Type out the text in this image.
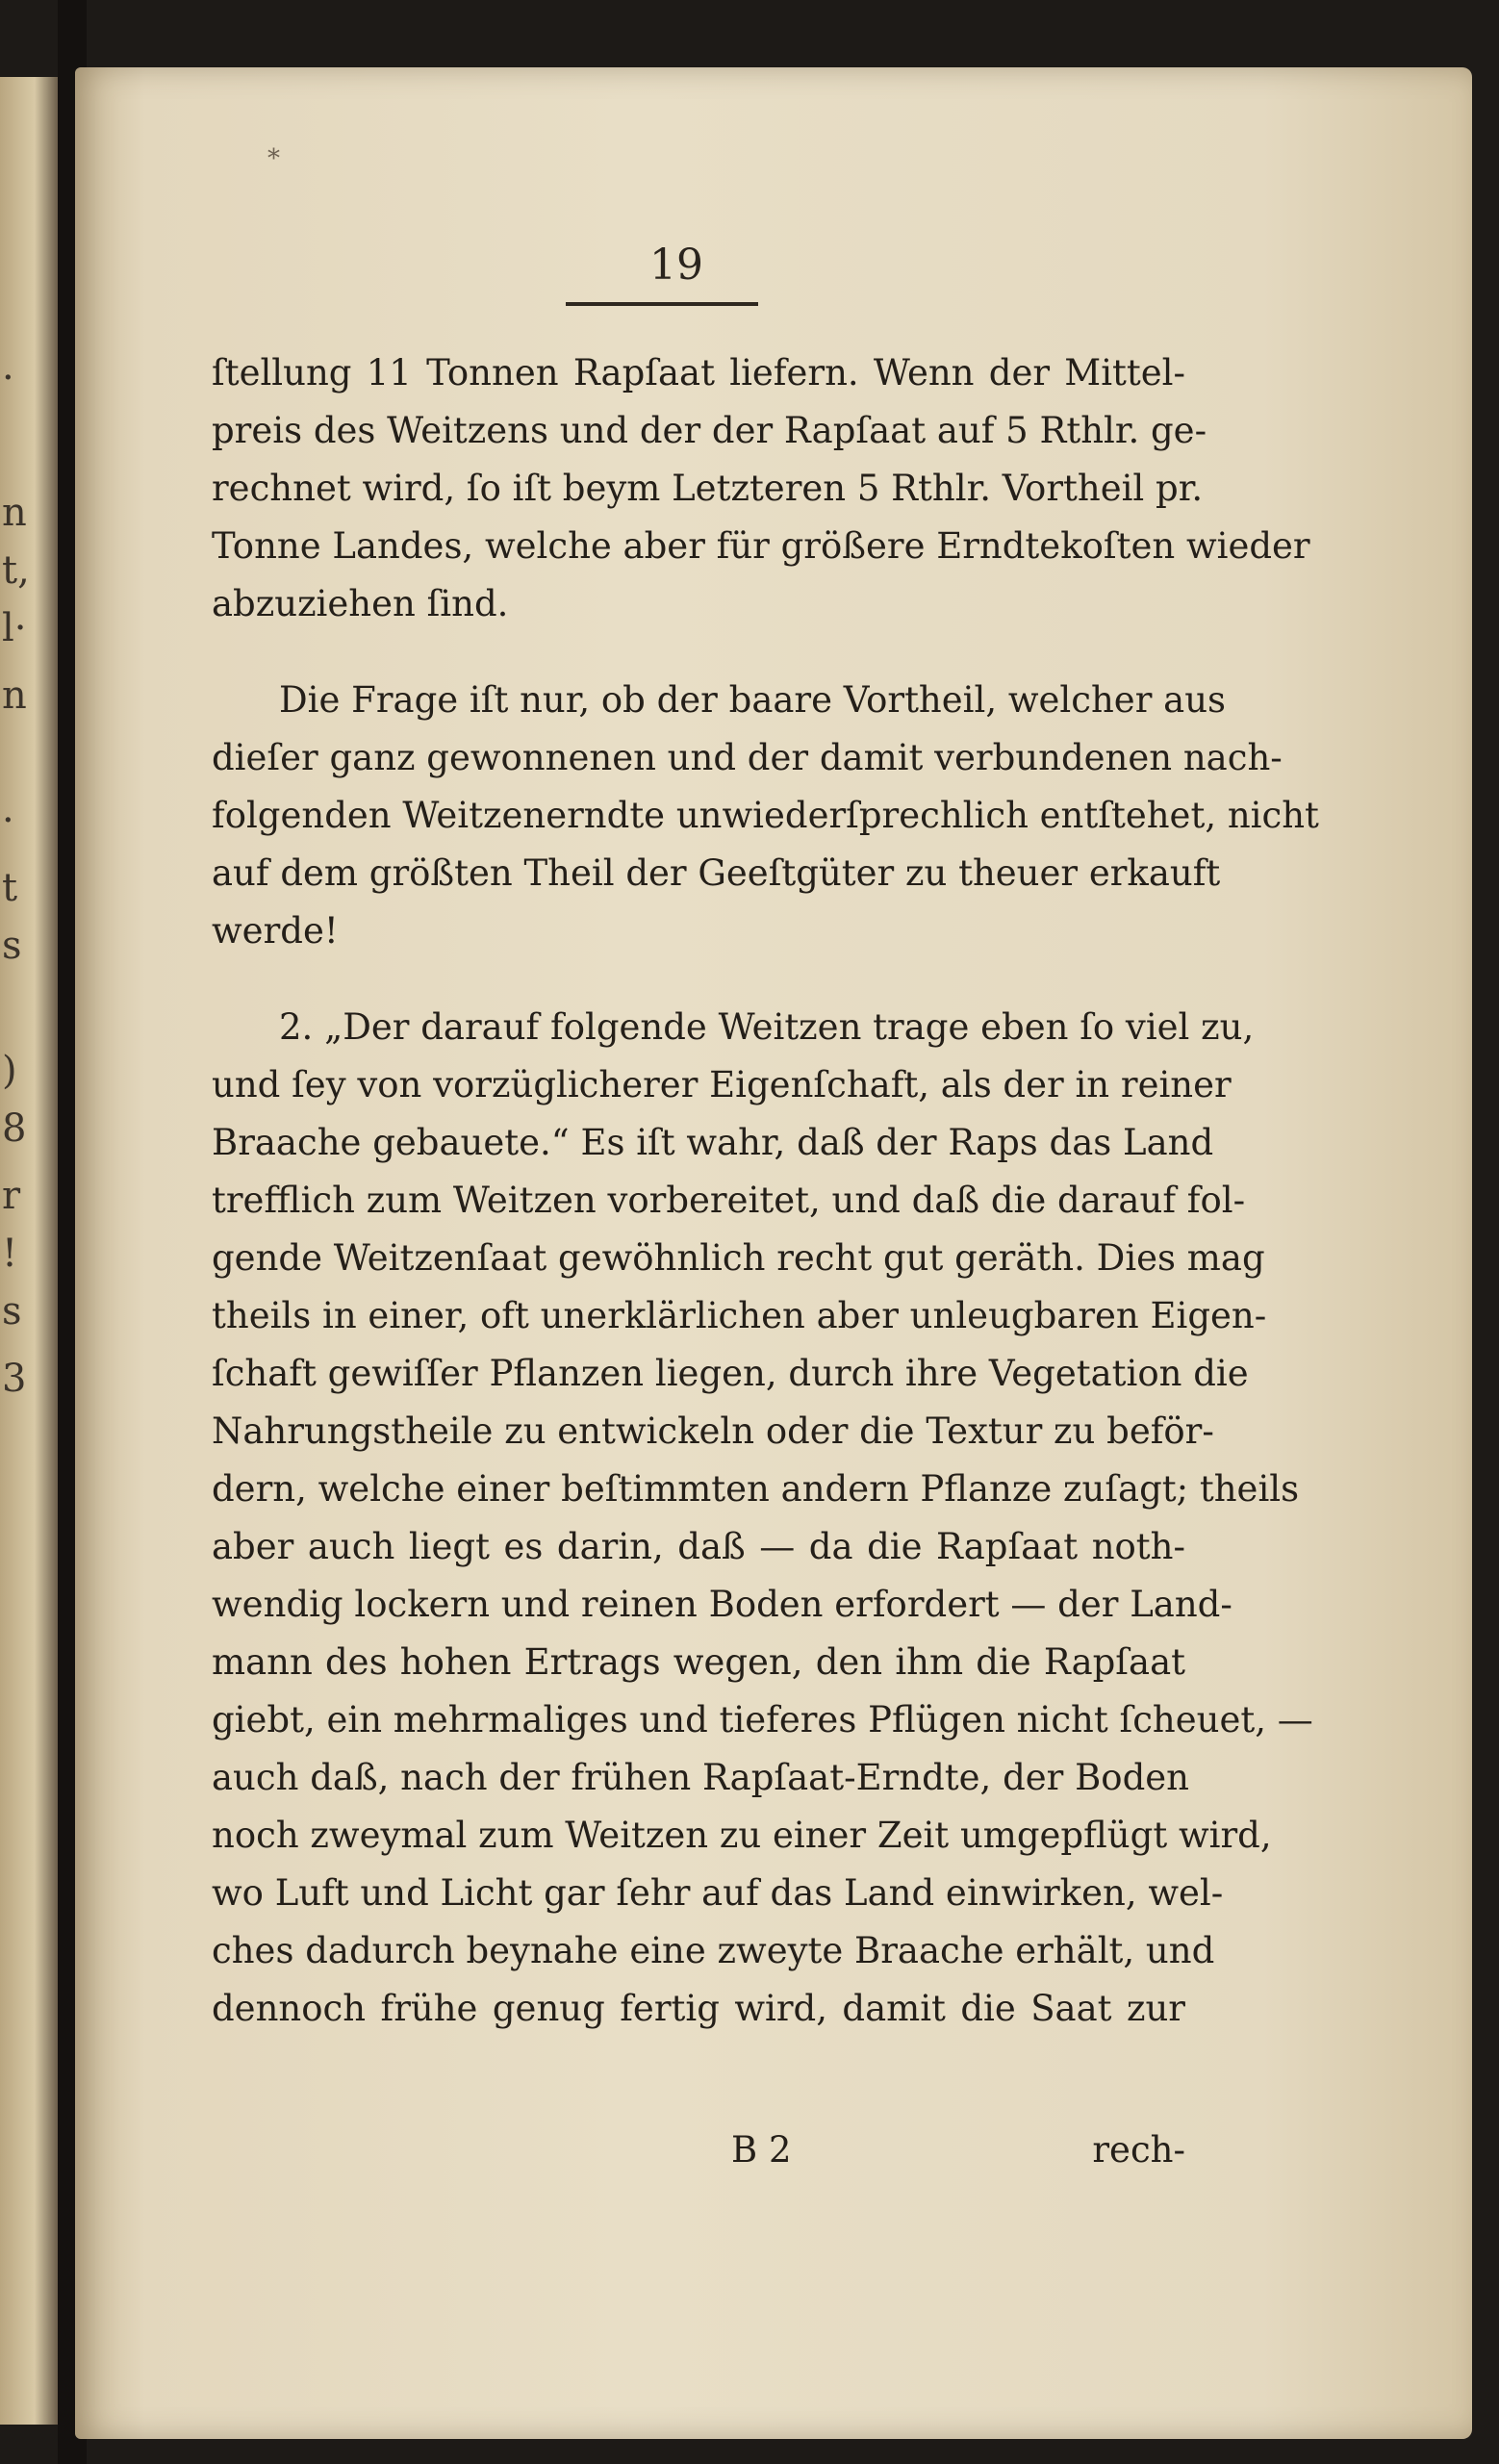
·
n
t,
l·
n
·
t
s
)
8
r
!
s
3
*
19
ſtellung 11 Tonnen Rapſaat liefern. Wenn der Mittel-
preis des Weitzens und der der Rapſaat auf 5 Rthlr. ge-
rechnet wird, ſo iſt beym Letzteren 5 Rthlr. Vortheil pr.
Tonne Landes, welche aber für größere Erndtekoſten wieder
abzuziehen ſind.
Die Frage iſt nur, ob der baare Vortheil, welcher aus
dieſer ganz gewonnenen und der damit verbundenen nach-
folgenden Weitzenerndte unwiederſprechlich entſtehet, nicht
auf dem größten Theil der Geeſtgüter zu theuer erkauft
werde!
2. „Der darauf folgende Weitzen trage eben ſo viel zu,
und ſey von vorzüglicherer Eigenſchaft, als der in reiner
Braache gebauete.“ Es iſt wahr, daß der Raps das Land
trefflich zum Weitzen vorbereitet, und daß die darauf fol-
gende Weitzenſaat gewöhnlich recht gut geräth. Dies mag
theils in einer, oft unerklärlichen aber unleugbaren Eigen-
ſchaft gewiſſer Pflanzen liegen, durch ihre Vegetation die
Nahrungstheile zu entwickeln oder die Textur zu beför-
dern, welche einer beſtimmten andern Pflanze zuſagt; theils
aber auch liegt es darin, daß — da die Rapſaat noth-
wendig lockern und reinen Boden erfordert — der Land-
mann des hohen Ertrags wegen, den ihm die Rapſaat
giebt, ein mehrmaliges und tieferes Pflügen nicht ſcheuet, —
auch daß, nach der frühen Rapſaat-Erndte, der Boden
noch zweymal zum Weitzen zu einer Zeit umgepflügt wird,
wo Luft und Licht gar ſehr auf das Land einwirken, wel-
ches dadurch beynahe eine zweyte Braache erhält, und
dennoch frühe genug fertig wird, damit die Saat zur
B 2	rech-
